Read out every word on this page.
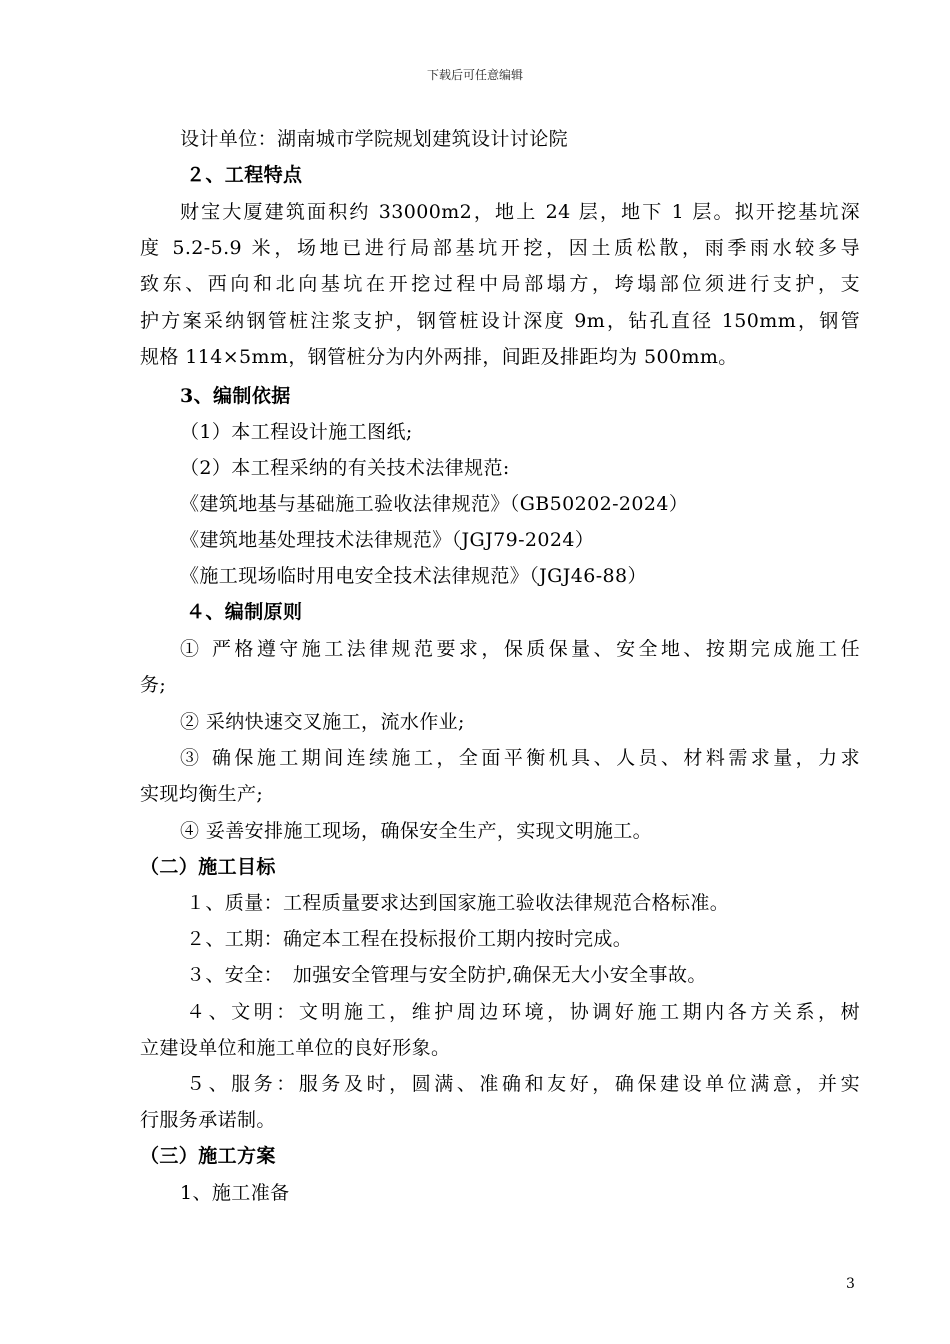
下载后可任意编辑
设计单位：湖南城市学院规划建筑设计讨论院
２、工程特点
财宝大厦建筑面积约 33000m2，地上 24 层，地下 1 层。拟开挖基坑深
度 5.2-5.9 米，场地已进行局部基坑开挖，因土质松散，雨季雨水较多导
致东、西向和北向基坑在开挖过程中局部塌方，垮塌部位须进行支护，支
护方案采纳钢管桩注浆支护，钢管桩设计深度 9m，钻孔直径 150mm，钢管
规格 114×5mm，钢管桩分为内外两排，间距及排距均为 500mm。
3、编制依据
（1）本工程设计施工图纸;
（2）本工程采纳的有关技术法律规范:
《建筑地基与基础施工验收法律规范》（GB50202-2024）
《建筑地基处理技术法律规范》（JGJ79-2024）
《施工现场临时用电安全技术法律规范》（JGJ46-88）
４、编制原则
① 严格遵守施工法律规范要求，保质保量、安全地、按期完成施工任
务;
② 采纳快速交叉施工，流水作业;
③ 确保施工期间连续施工，全面平衡机具、人员、材料需求量，力求
实现均衡生产;
④ 妥善安排施工现场，确保安全生产，实现文明施工。
（二）施工目标
１、质量：工程质量要求达到国家施工验收法律规范合格标准。
２、工期：确定本工程在投标报价工期内按时完成。
３、安全：　加强安全管理与安全防护,确保无大小安全事故。
４、文明：文明施工，维护周边环境，协调好施工期内各方关系，树
立建设单位和施工单位的良好形象。
５、服务：服务及时，圆满、准确和友好，确保建设单位满意，并实
行服务承诺制。
（三）施工方案
1、施工准备
3
